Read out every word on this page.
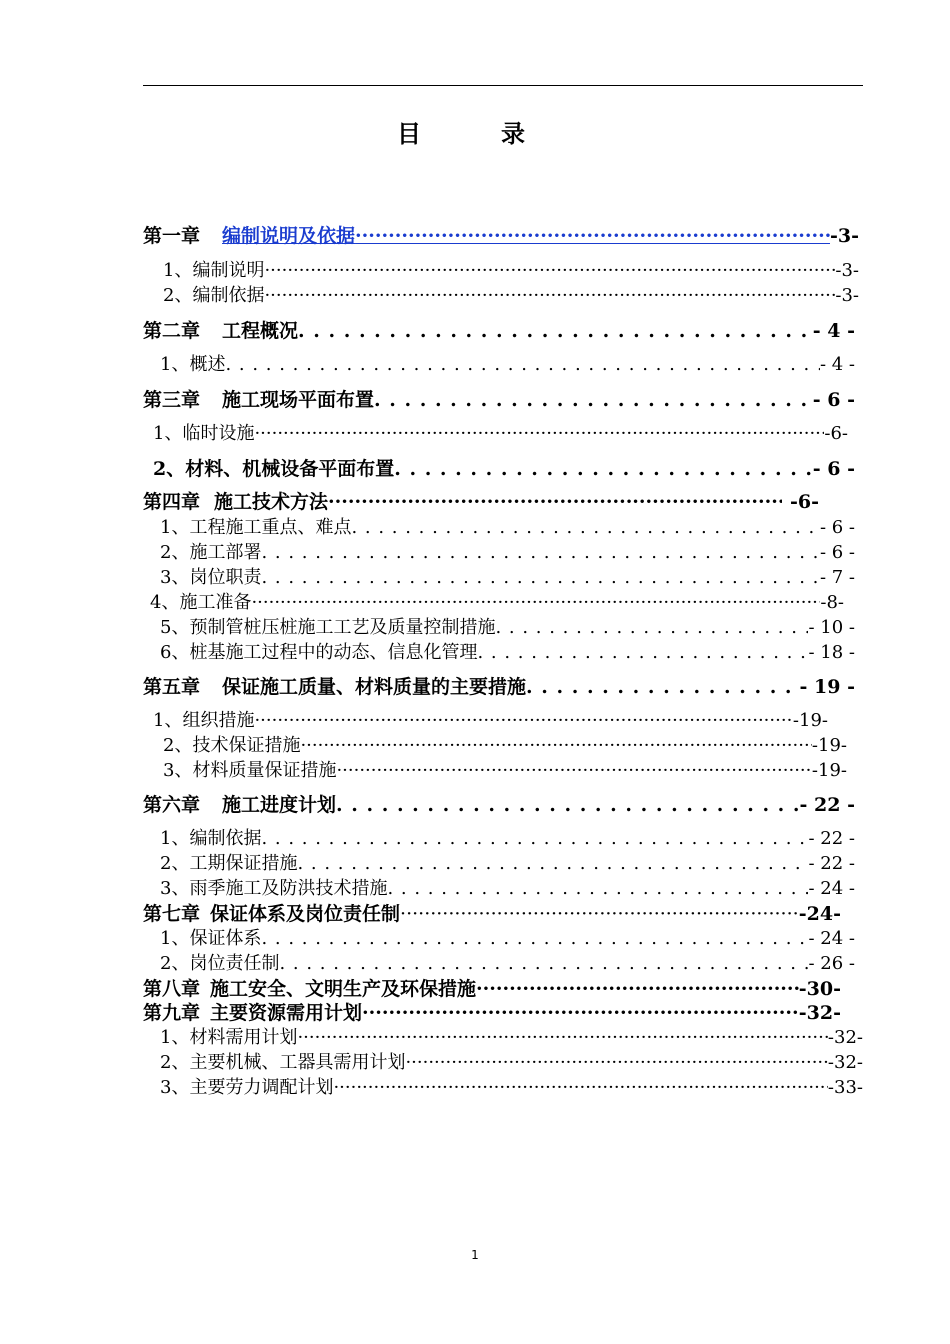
目　录
第一章 编制说明及依据 ·····	-3-
1、编制说明 ·····	-3-
2、编制依据 ·····	-3-
第二章 工程概况 . . .	- 4 -
1、概述 . . .	- 4 -
第三章 施工现场平面布置 . . .	- 6 -
1、临时设施 ·····	-6-
2、材料、机械设备平面布置 . . .	- 6 -
第四章 施工技术方法 ·····	-6-
1、工程施工重点、难点 . . .	- 6 -
2、施工部署 . . .	- 6 -
3、岗位职责 . . .	- 7 -
4、施工准备 ·····	-8-
5、预制管桩压桩施工工艺及质量控制措施 . . .	- 10 -
6、桩基施工过程中的动态、信息化管理 . . .	- 18 -
第五章 保证施工质量、材料质量的主要措施 . . .	- 19 -
1、组织措施 ·····	-19-
2、技术保证措施 ·····	-19-
3、材料质量保证措施 ·····	-19-
第六章 施工进度计划 . . .	- 22 -
1、编制依据 . . .	- 22 -
2、工期保证措施 . . .	- 22 -
3、雨季施工及防洪技术措施 . . .	- 24 -
第七章 保证体系及岗位责任制 ·····	-24-
1、保证体系 . . .	- 24 -
2、岗位责任制 . . .	- 26 -
第八章 施工安全、文明生产及环保措施 ·····	-30-
第九章 主要资源需用计划 ·····	-32-
1、材料需用计划 ·····	-32-
2、主要机械、工器具需用计划 ·····	-32-
3、主要劳力调配计划 ·····	-33-
1
